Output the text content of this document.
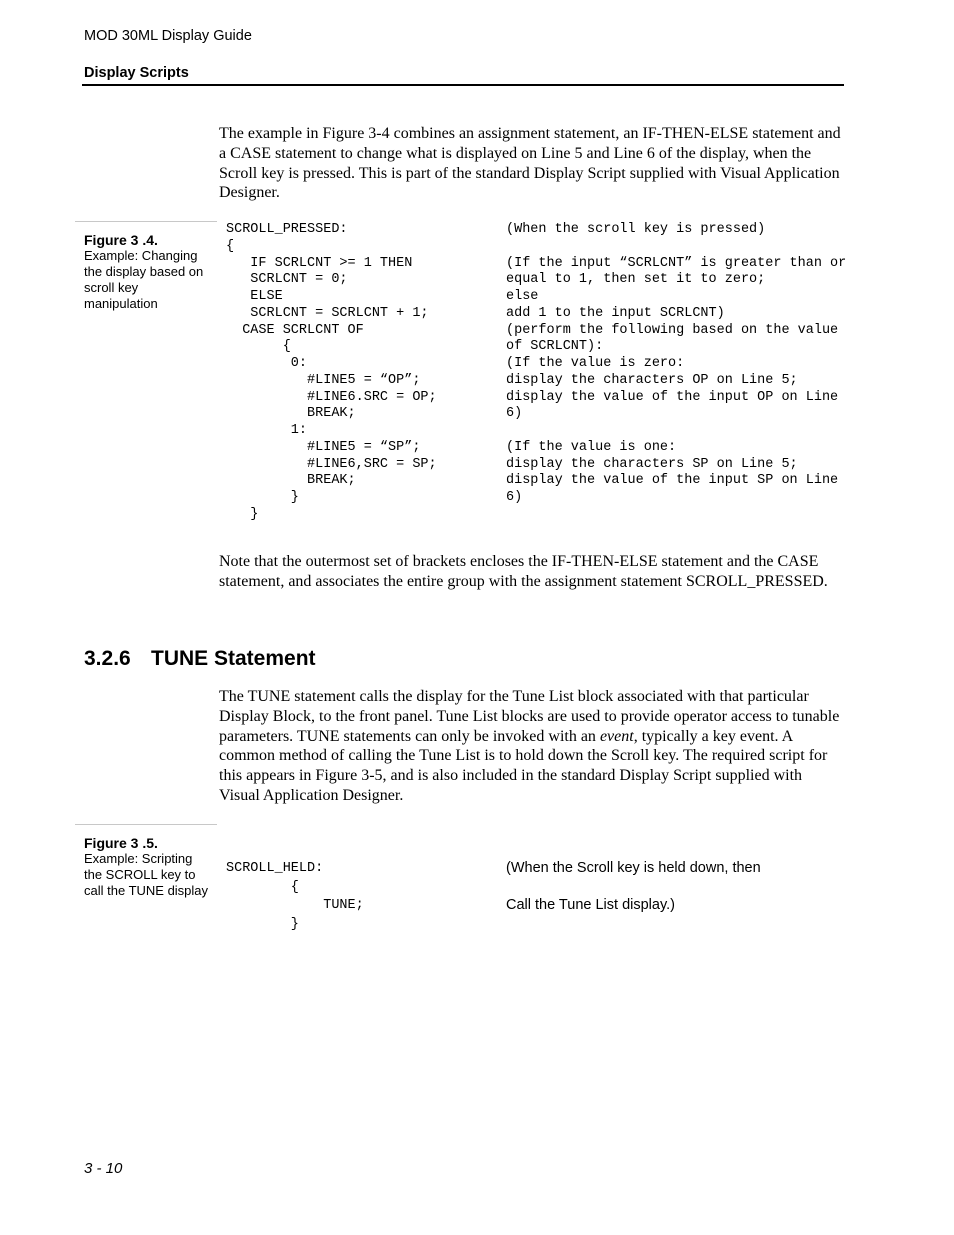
MOD 30ML Display Guide
Display Scripts
The example in Figure 3-4 combines an assignment statement, an IF-THEN-ELSE statement and a CASE statement to change what is displayed on Line 5 and Line 6 of the display, when the Scroll key is pressed. This is part of the standard Display Script supplied with Visual Application Designer.
Figure 3 .4.
Example: Changing the display based on scroll key manipulation
SCROLL_PRESSED:
{
IF SCRLCNT >= 1 THEN
SCRLCNT = 0;
ELSE
SCRLCNT = SCRLCNT + 1;
CASE SCRLCNT OF
{
0:
#LINE5 = “OP”;
#LINE6.SRC = OP;
BREAK;
1:
#LINE5 = “SP”;
#LINE6,SRC = SP;
BREAK;
}
}
(When the scroll key is pressed)

(If the input “SCRLCNT” is greater than or
equal to 1, then set it to zero;
else
add 1 to the input SCRLCNT)
(perform the following based on the value
of SCRLCNT):
(If the value is zero:
display the characters OP on Line 5;
display the value of the input OP on Line
6)

(If the value is one:
display the characters SP on Line 5;
display the value of the input SP on Line
6)
Note that the outermost set of brackets encloses the IF-THEN-ELSE statement and the CASE statement, and associates the entire group with the assignment statement SCROLL_PRESSED.
3.2.6 TUNE Statement
The TUNE statement calls the display for the Tune List block associated with that particular Display Block, to the front panel. Tune List blocks are used to provide operator access to tunable parameters. TUNE statements can only be invoked with an event, typically a key event. A common method of calling the Tune List is to hold down the Scroll key. The required script for this appears in Figure 3-5, and is also included in the standard Display Script supplied with Visual Application Designer.
Figure 3 .5.
Example: Scripting the SCROLL key to call the TUNE display
SCROLL_HELD:
{
TUNE;
}
(When the Scroll key is held down, then
Call the Tune List display.)
3 - 10
